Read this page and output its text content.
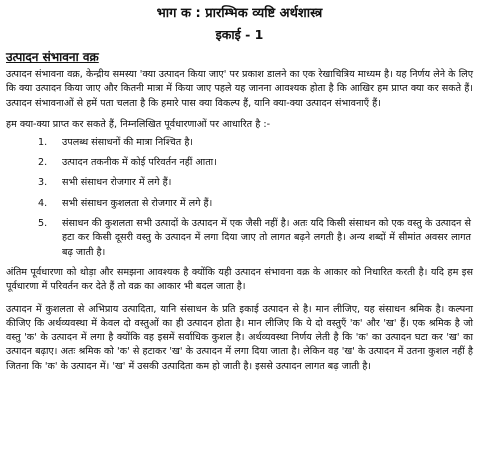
भाग क : प्रारम्भिक व्यष्टि अर्थशास्त्र

इकाई - 1

उत्पादन संभावना वक्र

उत्पादन संभावना वक्र, केन्द्रीय समस्या 'क्या उत्पादन किया जाए' पर प्रकाश डालने का एक रेखाचित्रिय माध्यम है। यह निर्णय लेने के लिए कि क्या उत्पादन किया जाए और कितनी मात्रा में किया जाए पहले यह जानना आवश्यक होता है कि आखिर हम प्राप्त क्या कर सकते हैं। उत्पादन संभावनाओं से हमें पता चलता है कि हमारे पास क्या विकल्प हैं, यानि क्या-क्या उत्पादन संभावनाएँ हैं।

हम क्या-क्या प्राप्त कर सकते हैं, निम्नलिखित पूर्वधारणाओं पर आधारित है :-

1.	उपलब्ध संसाधनों की मात्रा निश्चित है।
2.	उत्पादन तकनीक में कोई परिवर्तन नहीं आता।
3.	सभी संसाधन रोजगार में लगे हैं।
4.	सभी संसाधन कुशलता से रोजगार में लगे हैं।
5.	संसाधन की कुशलता सभी उत्पादों के उत्पादन में एक जैसी नहीं है। अतः यदि किसी संसाधन को एक वस्तु के उत्पादन से हटा कर किसी दूसरी वस्तु के उत्पादन में लगा दिया जाए तो लागत बढ़ने लगती है। अन्य शब्दों में सीमांत अवसर लागत बढ़ जाती है।

अंतिम पूर्वधारणा को थोड़ा और समझना आवश्यक है क्योंकि यही उत्पादन संभावना वक्र के आकार को निधारित करती है। यदि हम इस पूर्वधारणा में परिवर्तन कर देते हैं तो वक्र का आकार भी बदल जाता है।

उत्पादन में कुशलता से अभिप्राय उत्पादिता, यानि संसाधन के प्रति इकाई उत्पादन से है। मान लीजिए, यह संसाधन श्रमिक है। कल्पना कीजिए कि अर्थव्यवस्था में केवल दो वस्तुओं का ही उत्पादन होता है। मान लीजिए कि ये दो वस्तुएँ 'क' और 'ख' हैं। एक श्रमिक है जो वस्तु 'क' के उत्पादन में लगा है क्योंकि वह इसमें सर्वाधिक कुशल है। अर्थव्यवस्था निर्णय लेती है कि 'क' का उत्पादन घटा कर 'ख' का उत्पादन बढ़ाए। अतः श्रमिक को 'क' से हटाकर 'ख' के उत्पादन में लगा दिया जाता है। लेकिन वह 'ख' के उत्पादन में उतना कुशल नहीं है जितना कि 'क' के उत्पादन में। 'ख' में उसकी उत्पादिता कम हो जाती है। इससे उत्पादन लागत बढ़ जाती है।
